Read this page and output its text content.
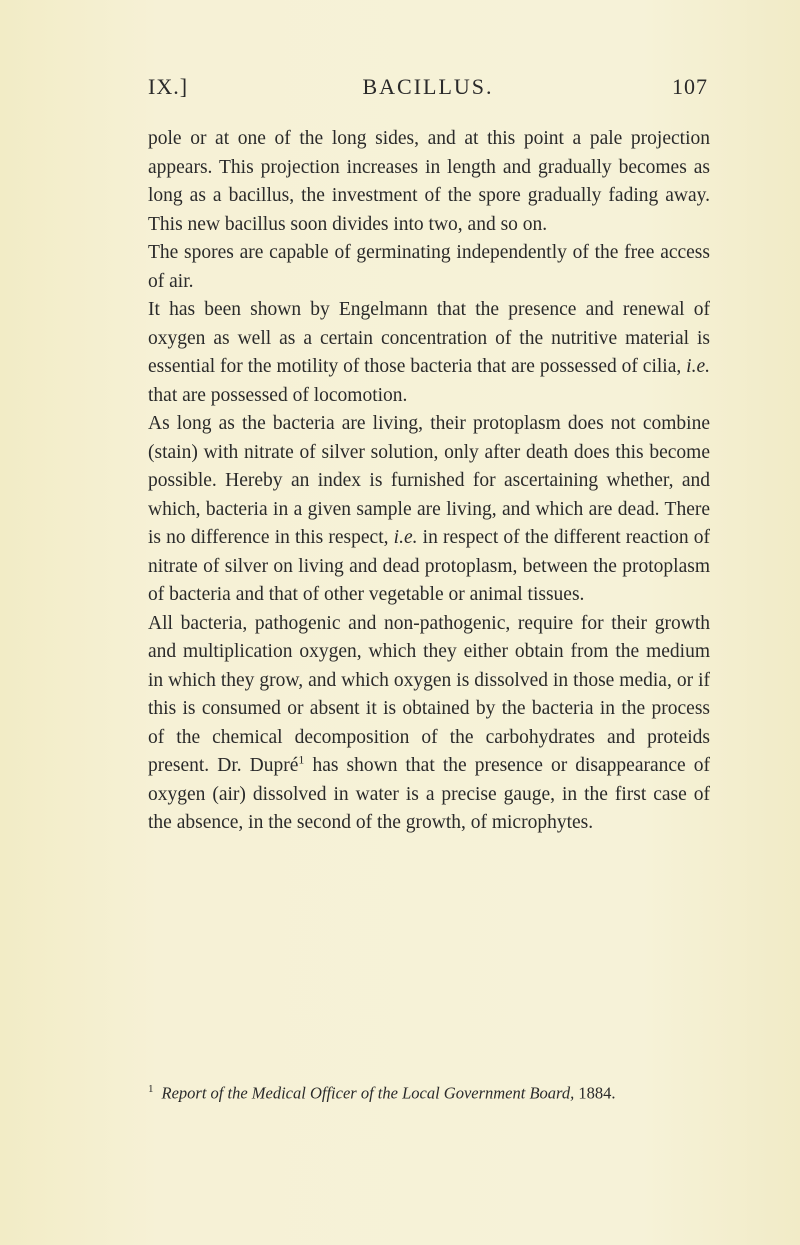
IX.]	BACILLUS.	107

pole or at one of the long sides, and at this point a pale projection appears. This projection increases in length and gradually becomes as long as a bacillus, the investment of the spore gradually fading away. This new bacillus soon divides into two, and so on.

The spores are capable of germinating independently of the free access of air.

It has been shown by Engelmann that the presence and renewal of oxygen as well as a certain concentration of the nutritive material is essential for the motility of those bacteria that are possessed of cilia, i.e. that are possessed of locomotion.

As long as the bacteria are living, their protoplasm does not combine (stain) with nitrate of silver solution, only after death does this become possible. Hereby an index is furnished for ascertaining whether, and which, bacteria in a given sample are living, and which are dead. There is no difference in this respect, i.e. in respect of the different reaction of nitrate of silver on living and dead protoplasm, between the protoplasm of bacteria and that of other vegetable or animal tissues.

All bacteria, pathogenic and non-pathogenic, require for their growth and multiplication oxygen, which they either obtain from the medium in which they grow, and which oxygen is dissolved in those media, or if this is consumed or absent it is obtained by the bacteria in the process of the chemical decomposition of the carbohydrates and proteids present. Dr. Dupré$^1$ has shown that the presence or disappearance of oxygen (air) dissolved in water is a precise gauge, in the first case of the absence, in the second of the growth, of microphytes.

$^1$ Report of the Medical Officer of the Local Government Board, 1884.
